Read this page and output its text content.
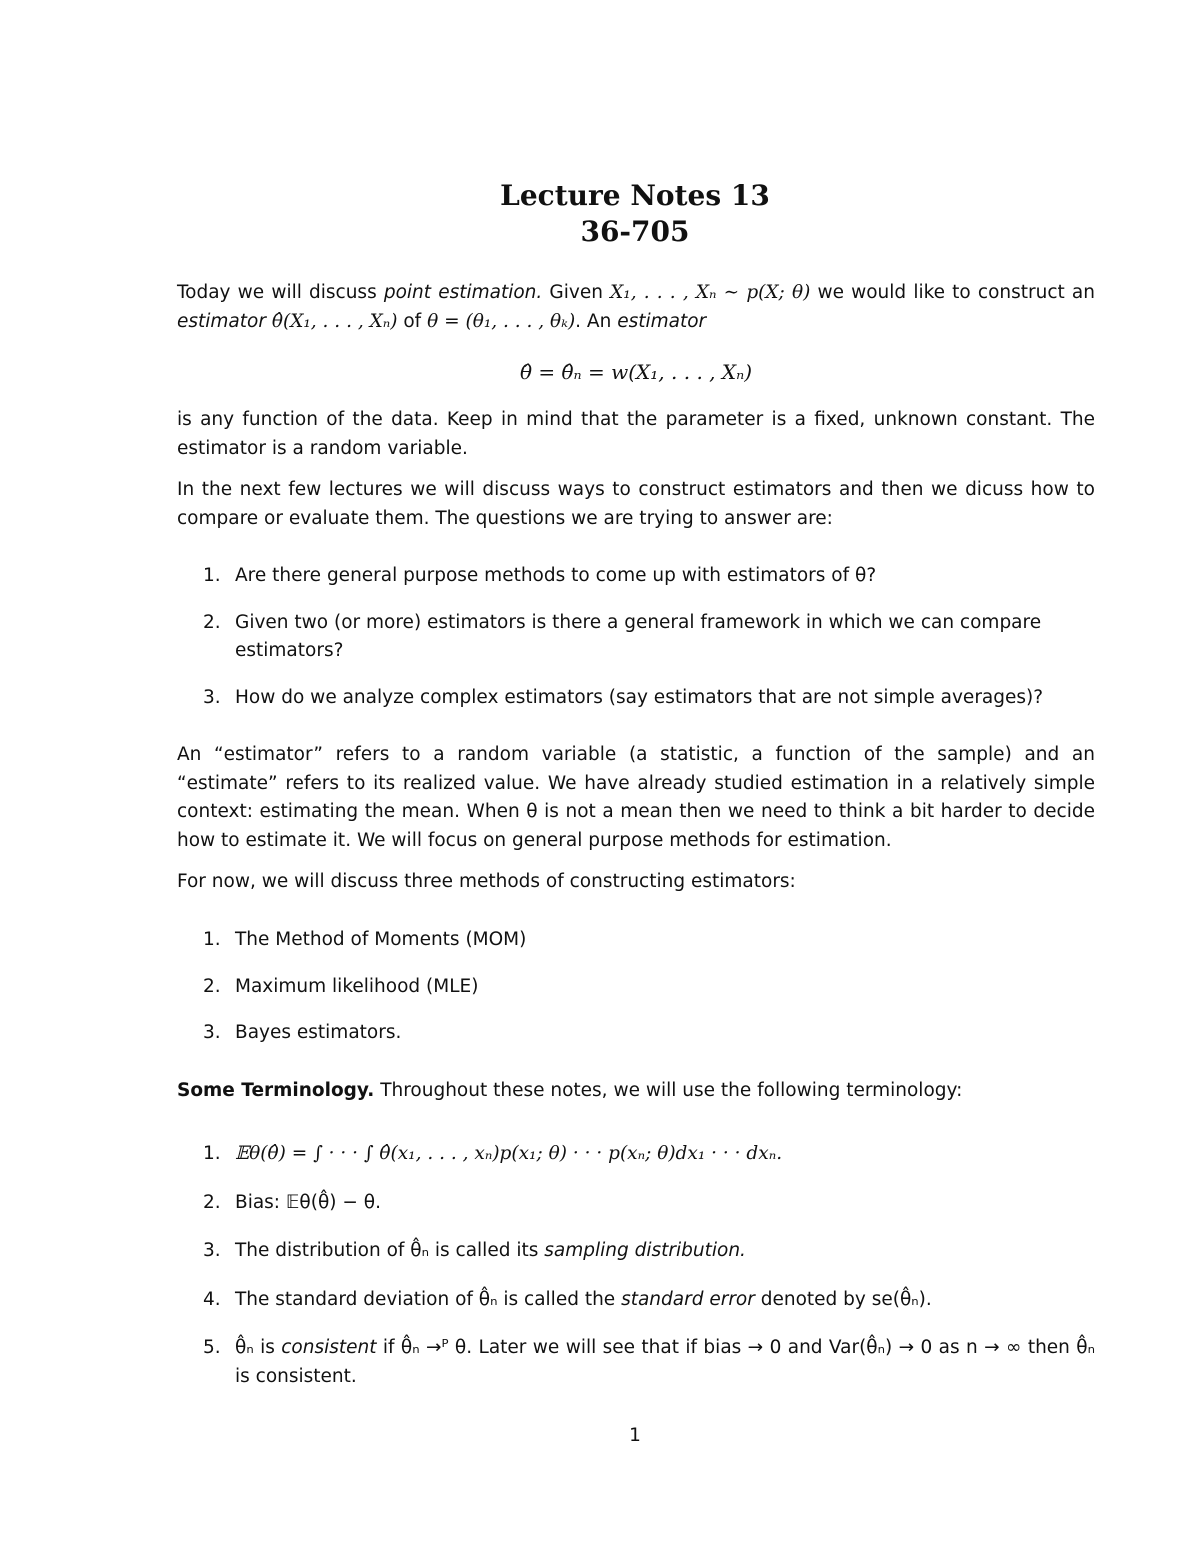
Lecture Notes 13
36-705

Today we will discuss point estimation. Given X₁, . . . , Xₙ ∼ p(X; θ) we would like to construct an estimator θ̂(X₁, . . . , Xₙ) of θ = (θ₁, . . . , θₖ). An estimator

θ̂ = θ̂ₙ = w(X₁, . . . , Xₙ)

is any function of the data. Keep in mind that the parameter is a fixed, unknown constant. The estimator is a random variable.

In the next few lectures we will discuss ways to construct estimators and then we dicuss how to compare or evaluate them. The questions we are trying to answer are:

1. Are there general purpose methods to come up with estimators of θ?
2. Given two (or more) estimators is there a general framework in which we can compare estimators?
3. How do we analyze complex estimators (say estimators that are not simple averages)?

An “estimator” refers to a random variable (a statistic, a function of the sample) and an “estimate” refers to its realized value. We have already studied estimation in a relatively simple context: estimating the mean. When θ is not a mean then we need to think a bit harder to decide how to estimate it. We will focus on general purpose methods for estimation.

For now, we will discuss three methods of constructing estimators:

1. The Method of Moments (MOM)
2. Maximum likelihood (MLE)
3. Bayes estimators.

Some Terminology. Throughout these notes, we will use the following terminology:

1. 𝔼θ(θ̂) = ∫ · · · ∫ θ̂(x₁, . . . , xₙ)p(x₁; θ) · · · p(xₙ; θ)dx₁ · · · dxₙ.
2. Bias: 𝔼θ(θ̂) − θ.
3. The distribution of θ̂ₙ is called its sampling distribution.
4. The standard deviation of θ̂ₙ is called the standard error denoted by se(θ̂ₙ).
5. θ̂ₙ is consistent if θ̂ₙ →ᴾ θ. Later we will see that if bias → 0 and Var(θ̂ₙ) → 0 as n → ∞ then θ̂ₙ is consistent.
1
